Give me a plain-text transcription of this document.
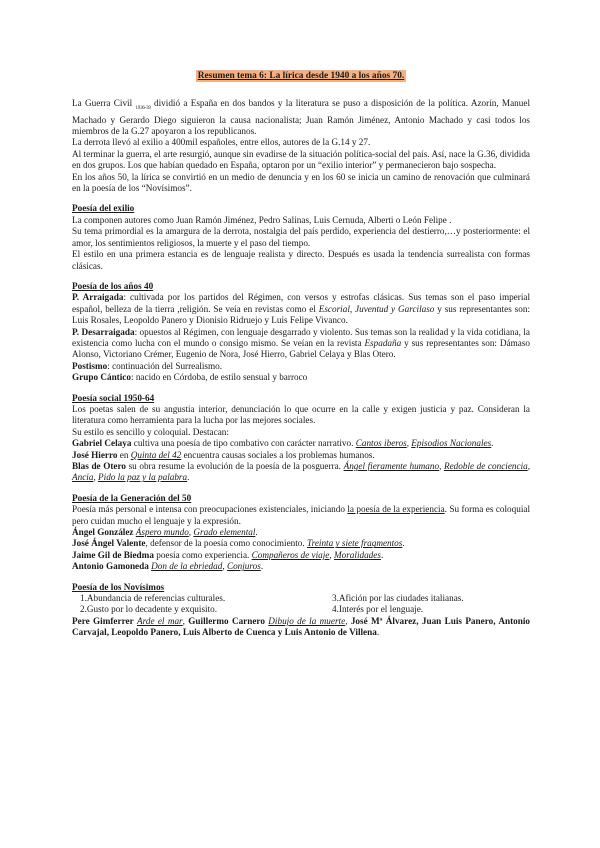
Resumen tema 6: La lírica desde 1940 a los años 70.

La Guerra Civil $_{1936-39}$ dividió a España en dos bandos y la literatura se puso a disposición de la política. Azorín, Manuel Machado y Gerardo Diego siguieron la causa nacionalista; Juan Ramón Jiménez, Antonio Machado y casi todos los miembros de la G.27 apoyaron a los republicanos.

La derrota llevó al exilio a 400mil españoles, entre ellos, autores de la G.14 y 27.

Al terminar la guerra, el arte resurgió, aunque sin evadirse de la situación política-social del país. Así, nace la G.36, dividida en dos grupos. Los que habían quedado en España, optaron por un “exilio interior” y permanecieron bajo sospecha.

En los años 50, la lírica se convirtió en un medio de denuncia y en los 60 se inicia un camino de renovación que culminará en la poesía de los “Novísimos”.

Poesía del exilio

La componen autores como Juan Ramón Jiménez, Pedro Salinas, Luis Cernuda, Alberti o León Felipe .

Su tema primordial es la amargura de la derrota, nostalgia del país perdido, experiencia del destierro,…y posteriormente: el amor, los sentimientos religiosos, la muerte y el paso del tiempo.

El estilo en una primera estancia es de lenguaje realista y directo. Después es usada la tendencia surrealista con formas clásicas.

Poesía de los años 40

P. Arraigada: cultivada por los partidos del Régimen, con versos y estrofas clásicas. Sus temas son el paso imperial español, belleza de la tierra ,religión. Se veía en revistas como el Escorial, Juventud y Garcilaso y sus representantes son: Luis Rosales, Leopoldo Panero y Dionisio Ridruejo y Luis Felipe Vivanco.

P. Desarraigada: opuestos al Régimen, con lenguaje desgarrado y violento. Sus temas son la realidad y la vida cotidiana, la existencia como lucha con el mundo o consigo mismo. Se veían en la revista Espadaña y sus representantes son: Dámaso Alonso, Victoriano Crémer, Eugenio de Nora, José Hierro, Gabriel Celaya y Blas Otero.

Postismo: continuación del Surrealismo.

Grupo Cántico: nacido en Córdoba, de estilo sensual y barroco

Poesía social 1950-64

Los poetas salen de su angustia interior, denunciación lo que ocurre en la calle y exigen justicia y paz. Consideran la literatura como herramienta para la lucha por las mejores sociales.

Su estilo es sencillo y coloquial. Destacan:

Gabriel Celaya cultiva una poesía de tipo combativo con carácter narrativo. Cantos iberos, Episodios Nacionales.

José Hierro en Quinta del 42 encuentra causas sociales a los problemas humanos.

Blas de Otero su obra resume la evolución de la poesía de la posguerra. Ángel fieramente humano, Redoble de conciencia, Ancia, Pido la paz y la palabra.

Poesía de la Generación del 50

Poesía más personal e intensa con preocupaciones existenciales, iniciando la poesía de la experiencia. Su forma es coloquial pero cuidan mucho el lenguaje y la expresión.

Ángel González Áspero mundo, Grado elemental.

José Ángel Valente, defensor de la poesía como conocimiento. Treinta y siete fragmentos.

Jaime Gil de Biedma poesía como experiencia. Compañeros de viaje, Moralidades.

Antonio Gamoneda Don de la ebriedad, Conjuros.

Poesía de los Novísimos

1.Abundancia de referencias culturales.	3.Afición por las ciudades italianas.
2.Gusto por lo decadente y exquisito.	4.Interés por el lenguaje.

Pere Gimferrer Arde el mar, Guillermo Carnero Dibujo de la muerte, José Mª Álvarez, Juan Luis Panero, Antonio Carvajal, Leopoldo Panero, Luis Alberto de Cuenca y Luis Antonio de Villena.
